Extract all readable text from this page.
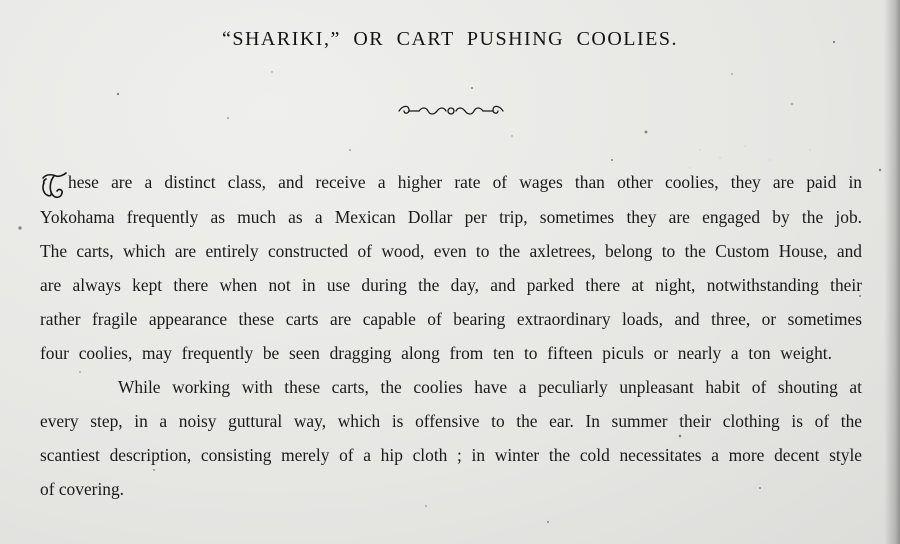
“SHARIKI,” OR CART PUSHING COOLIES.
hese are a distinct class, and receive a higher rate of wages than other coolies, they are paid in
Yokohama frequently as much as a Mexican Dollar per trip, sometimes they are engaged by the job.
The carts, which are entirely constructed of wood, even to the axletrees, belong to the Custom House, and
are always kept there when not in use during the day, and parked there at night, notwithstanding their
rather fragile appearance these carts are capable of bearing extraordinary loads, and three, or sometimes
four coolies, may frequently be seen dragging along from ten to fifteen piculs or nearly a ton weight.
While working with these carts, the coolies have a peculiarly unpleasant habit of shouting at
every step, in a noisy guttural way, which is offensive to the ear. In summer their clothing is of the
scantiest description, consisting merely of a hip cloth ; in winter the cold necessitates a more decent style
of covering.
